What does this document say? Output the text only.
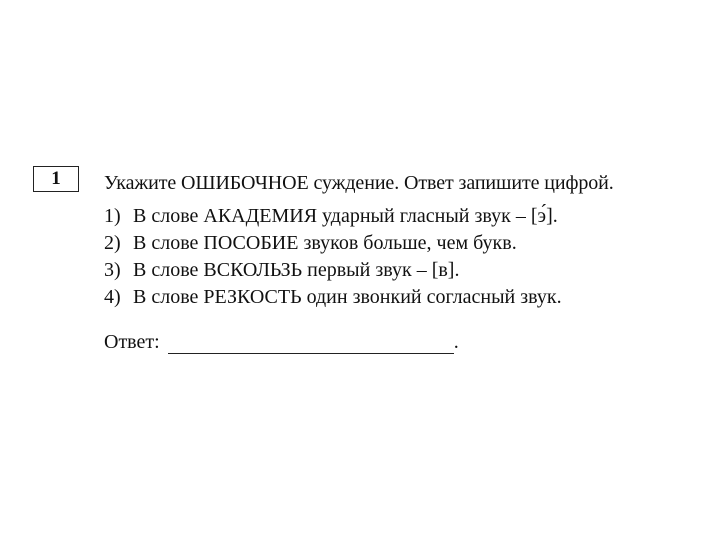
1 Укажите ОШИБОЧНОЕ суждение. Ответ запишите цифрой.
1) В слове АКАДЕМИЯ ударный гласный звук – [э́].
2) В слове ПОСОБИЕ звуков больше, чем букв.
3) В слове ВСКОЛЬЗЬ первый звук – [в].
4) В слове РЕЗКОСТЬ один звонкий согласный звук.
Ответ:	.
